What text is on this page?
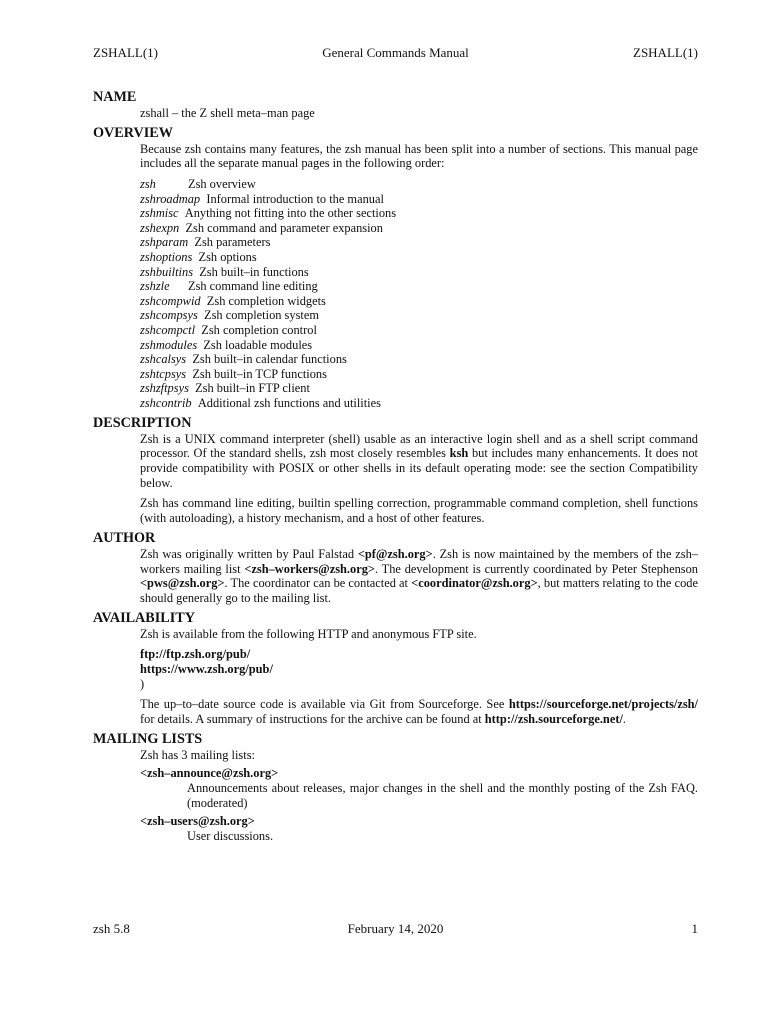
ZSHALL(1)	General Commands Manual	ZSHALL(1)
NAME

zshall – the Z shell meta–man page

OVERVIEW

Because zsh contains many features, the zsh manual has been split into a number of sections. This manual page includes all the separate manual pages in the following order:

zsh	Zsh overview
zshroadmap Informal introduction to the manual
zshmisc Anything not fitting into the other sections
zshexpn Zsh command and parameter expansion
zshparam Zsh parameters
zshoptions Zsh options
zshbuiltins Zsh built–in functions
zshzle Zsh command line editing
zshcompwid Zsh completion widgets
zshcompsys Zsh completion system
zshcompctl Zsh completion control
zshmodules Zsh loadable modules
zshcalsys Zsh built–in calendar functions
zshtcpsys Zsh built–in TCP functions
zshzftpsys Zsh built–in FTP client
zshcontrib Additional zsh functions and utilities
DESCRIPTION

Zsh is a UNIX command interpreter (shell) usable as an interactive login shell and as a shell script command processor. Of the standard shells, zsh most closely resembles ksh but includes many enhancements. It does not provide compatibility with POSIX or other shells in its default operating mode: see the section Compatibility below.

Zsh has command line editing, builtin spelling correction, programmable command completion, shell functions (with autoloading), a history mechanism, and a host of other features.

AUTHOR

Zsh was originally written by Paul Falstad <pf@zsh.org>. Zsh is now maintained by the members of the zsh–workers mailing list <zsh–workers@zsh.org>. The development is currently coordinated by Peter Stephenson <pws@zsh.org>. The coordinator can be contacted at <coordinator@zsh.org>, but matters relating to the code should generally go to the mailing list.

AVAILABILITY

Zsh is available from the following HTTP and anonymous FTP site.

ftp://ftp.zsh.org/pub/
https://www.zsh.org/pub/
)

The up–to–date source code is available via Git from Sourceforge. See https://sourceforge.net/projects/zsh/ for details. A summary of instructions for the archive can be found at http://zsh.sourceforge.net/.

MAILING LISTS

Zsh has 3 mailing lists:

<zsh–announce@zsh.org>
Announcements about releases, major changes in the shell and the monthly posting of the Zsh FAQ. (moderated)
<zsh–users@zsh.org>
User discussions.
zsh 5.8	February 14, 2020	1
